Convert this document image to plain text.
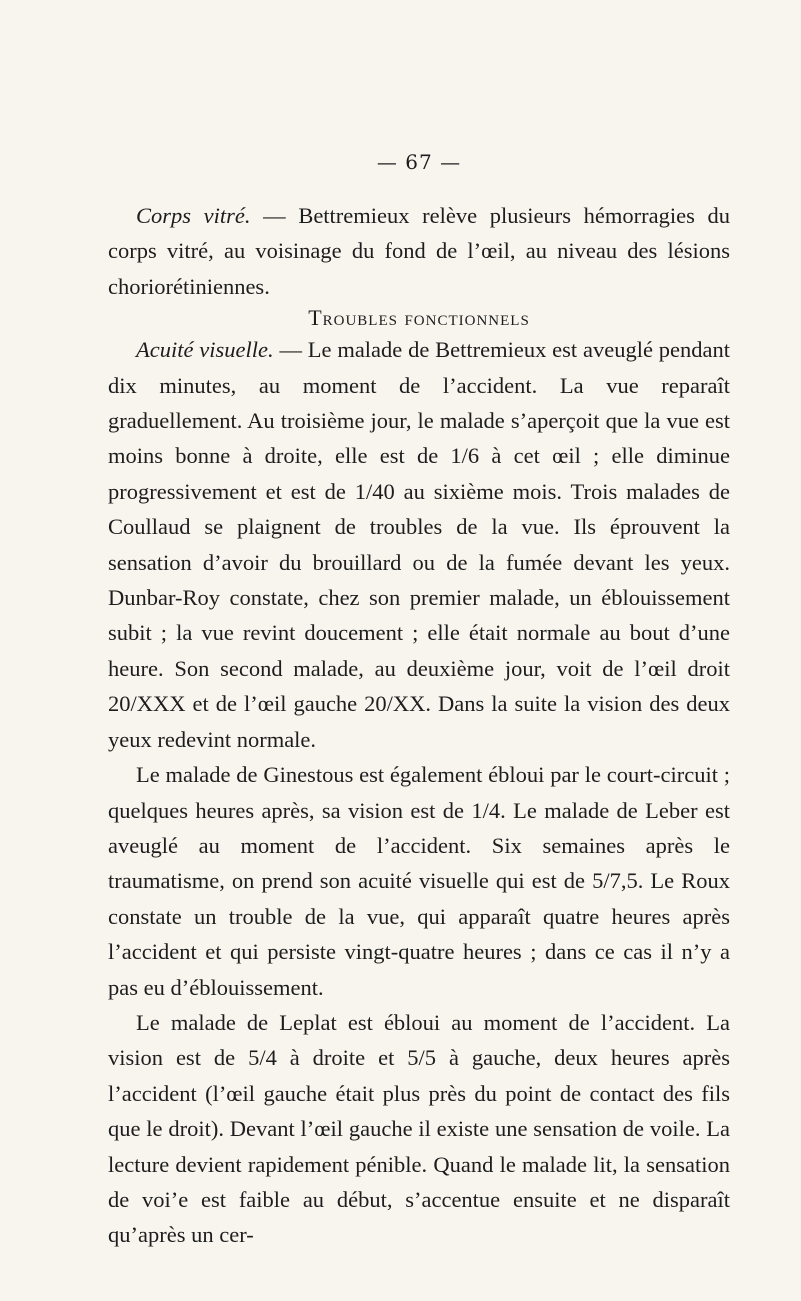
— 67 —

Corps vitré. — Bettremieux relève plusieurs hémorragies du corps vitré, au voisinage du fond de l’œil, au niveau des lésions choriorétiniennes.

Troubles fonctionnels

Acuité visuelle. — Le malade de Bettremieux est aveuglé pendant dix minutes, au moment de l’accident. La vue reparaît graduellement. Au troisième jour, le malade s’aperçoit que la vue est moins bonne à droite, elle est de 1/6 à cet œil ; elle diminue progressivement et est de 1/40 au sixième mois. Trois malades de Coullaud se plaignent de troubles de la vue. Ils éprouvent la sensation d’avoir du brouillard ou de la fumée devant les yeux. Dunbar-Roy constate, chez son premier malade, un éblouissement subit ; la vue revint doucement ; elle était normale au bout d’une heure. Son second malade, au deuxième jour, voit de l’œil droit 20/XXX et de l’œil gauche 20/XX. Dans la suite la vision des deux yeux redevint normale.

Le malade de Ginestous est également ébloui par le court-circuit ; quelques heures après, sa vision est de 1/4. Le malade de Leber est aveuglé au moment de l’accident. Six semaines après le traumatisme, on prend son acuité visuelle qui est de 5/7,5. Le Roux constate un trouble de la vue, qui apparaît quatre heures après l’accident et qui persiste vingt-quatre heures ; dans ce cas il n’y a pas eu d’éblouissement.

Le malade de Leplat est ébloui au moment de l’accident. La vision est de 5/4 à droite et 5/5 à gauche, deux heures après l’accident (l’œil gauche était plus près du point de contact des fils que le droit). Devant l’œil gauche il existe une sensation de voile. La lecture devient rapidement pénible. Quand le malade lit, la sensation de voi’e est faible au début, s’accentue ensuite et ne disparaît qu’après un cer-
